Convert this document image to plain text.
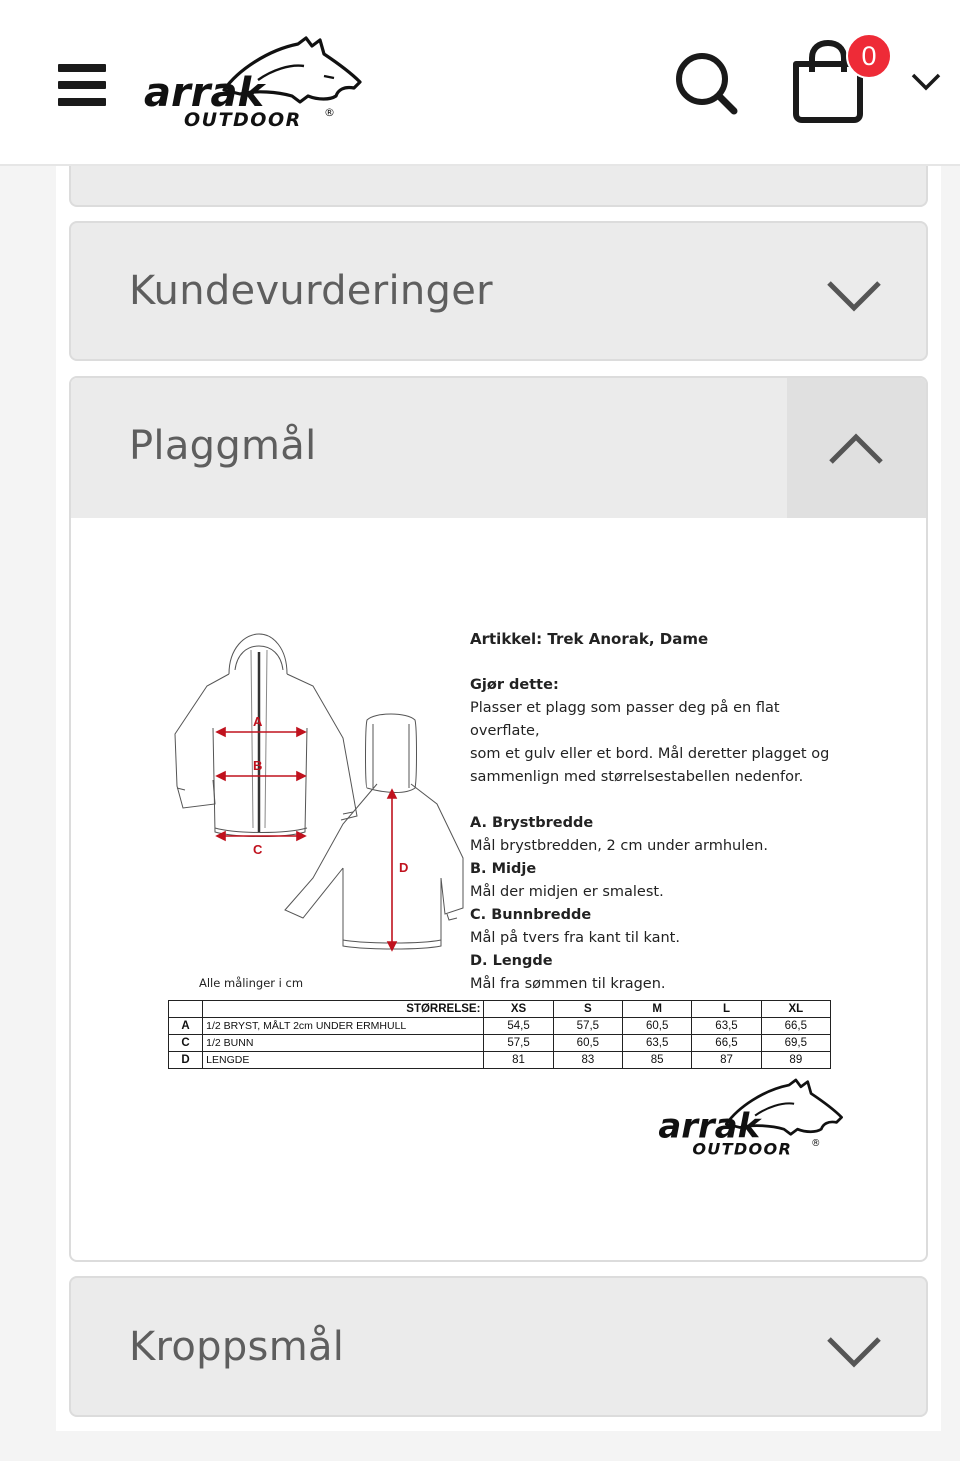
arrak
OUTDOOR ®
0
Kundevurderinger
Plaggmål
A
B
C
D
Artikkel: Trek Anorak, Dame
Gjør dette:
Plasser et plagg som passer deg på en flat overflate,
som et gulv eller et bord. Mål deretter plagget og
sammenlign med størrelsestabellen nedenfor.
A. Brystbredde
Mål brystbredden, 2 cm under armhulen.
B. Midje
Mål der midjen er smalest.
C. Bunnbredde
Mål på tvers fra kant til kant.
D. Lengde
Mål fra sømmen til kragen.
Alle målinger i cm
	STØRRELSE:	XS	S	M	L	XL
A	1/2 BRYST, MÅLT 2cm UNDER ERMHULL	54,5	57,5	60,5	63,5	66,5
C	1/2 BUNN	57,5	60,5	63,5	66,5	69,5
D	LENGDE	81	83	85	87	89
arrak
OUTDOOR ®
Kroppsmål
